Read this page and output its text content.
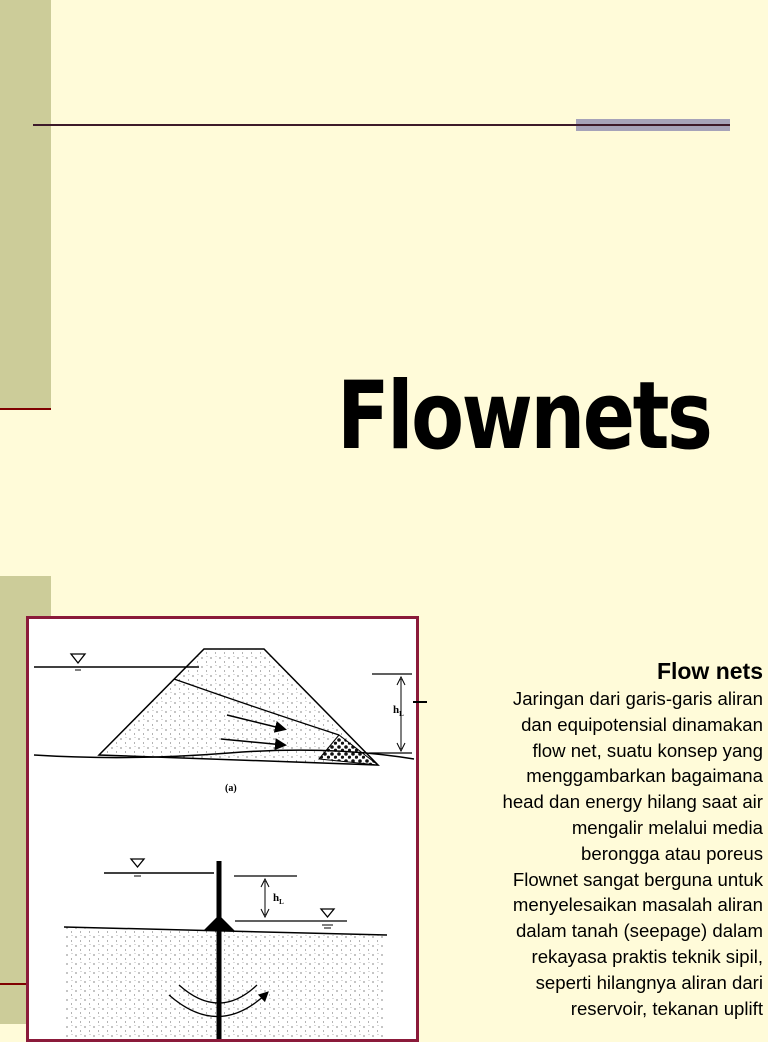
Flownets
$h_L$
(a)
$h_L$
Flow nets
Jaringan dari garis-garis aliran
dan equipotensial dinamakan
flow net, suatu konsep yang
menggambarkan bagaimana
head dan energy hilang saat air
mengalir melalui media
berongga atau poreus
Flownet sangat berguna untuk
menyelesaikan masalah aliran
dalam tanah (seepage) dalam
rekayasa praktis teknik sipil,
seperti hilangnya aliran dari
reservoir, tekanan uplift
